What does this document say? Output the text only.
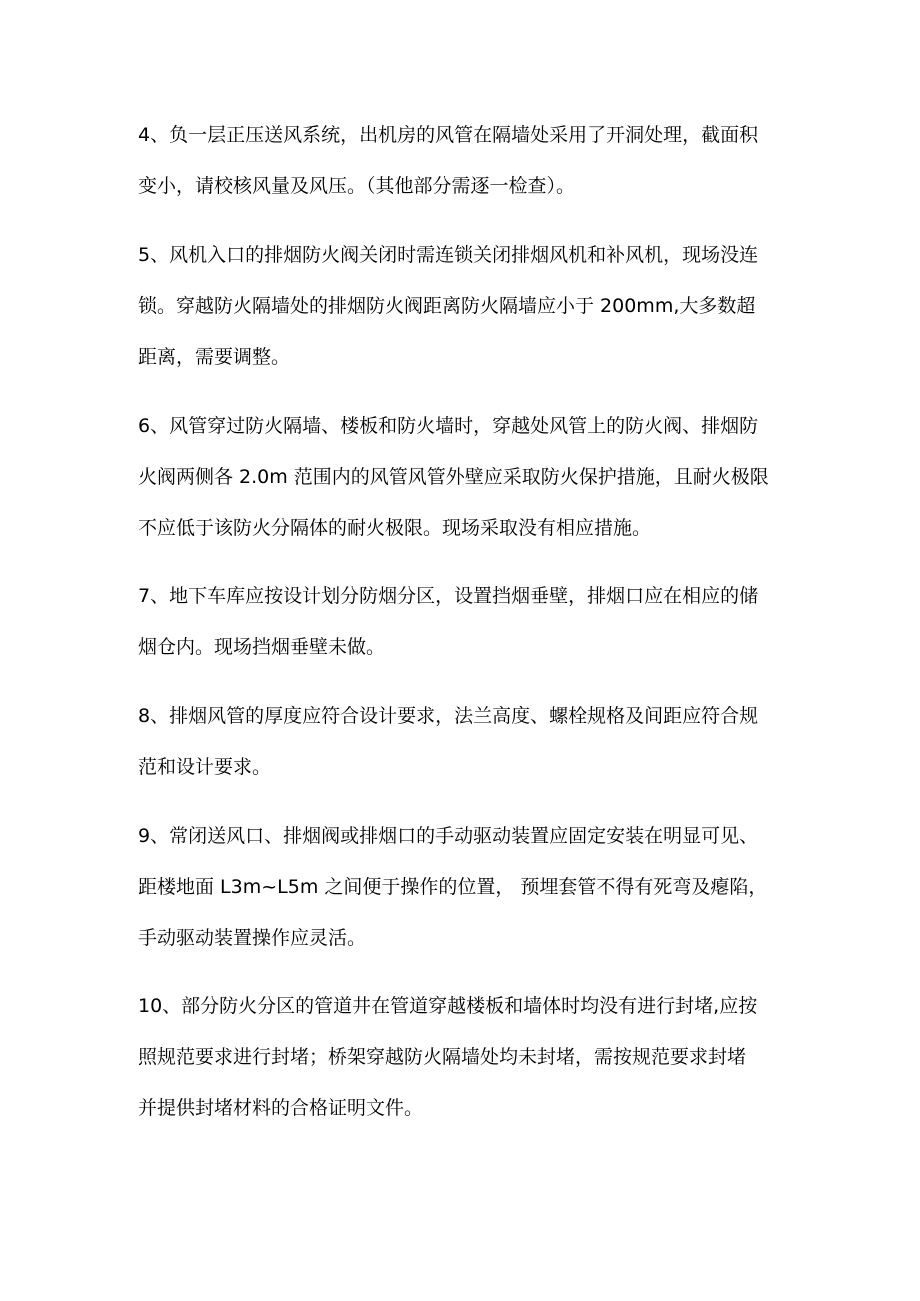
4、负一层正压送风系统，出机房的风管在隔墙处采用了开洞处理，截面积
变小，请校核风量及风压。（其他部分需逐一检查）。
5、风机入口的排烟防火阀关闭时需连锁关闭排烟风机和补风机，现场没连
锁。穿越防火隔墙处的排烟防火阀距离防火隔墙应小于 200mm,大多数超
距离，需要调整。
6、风管穿过防火隔墙、楼板和防火墙时，穿越处风管上的防火阀、排烟防
火阀两侧各 2.0m 范围内的风管风管外壁应采取防火保护措施，且耐火极限
不应低于该防火分隔体的耐火极限。现场采取没有相应措施。
7、地下车库应按设计划分防烟分区，设置挡烟垂壁，排烟口应在相应的储
烟仓内。现场挡烟垂壁未做。
8、排烟风管的厚度应符合设计要求，法兰高度、螺栓规格及间距应符合规
范和设计要求。
9、常闭送风口、排烟阀或排烟口的手动驱动装置应固定安装在明显可见、
距楼地面 L3m~L5m 之间便于操作的位置， 预埋套管不得有死弯及瘪陷，
手动驱动装置操作应灵活。
10、部分防火分区的管道井在管道穿越楼板和墙体时均没有进行封堵,应按
照规范要求进行封堵；桥架穿越防火隔墙处均未封堵，需按规范要求封堵
并提供封堵材料的合格证明文件。
